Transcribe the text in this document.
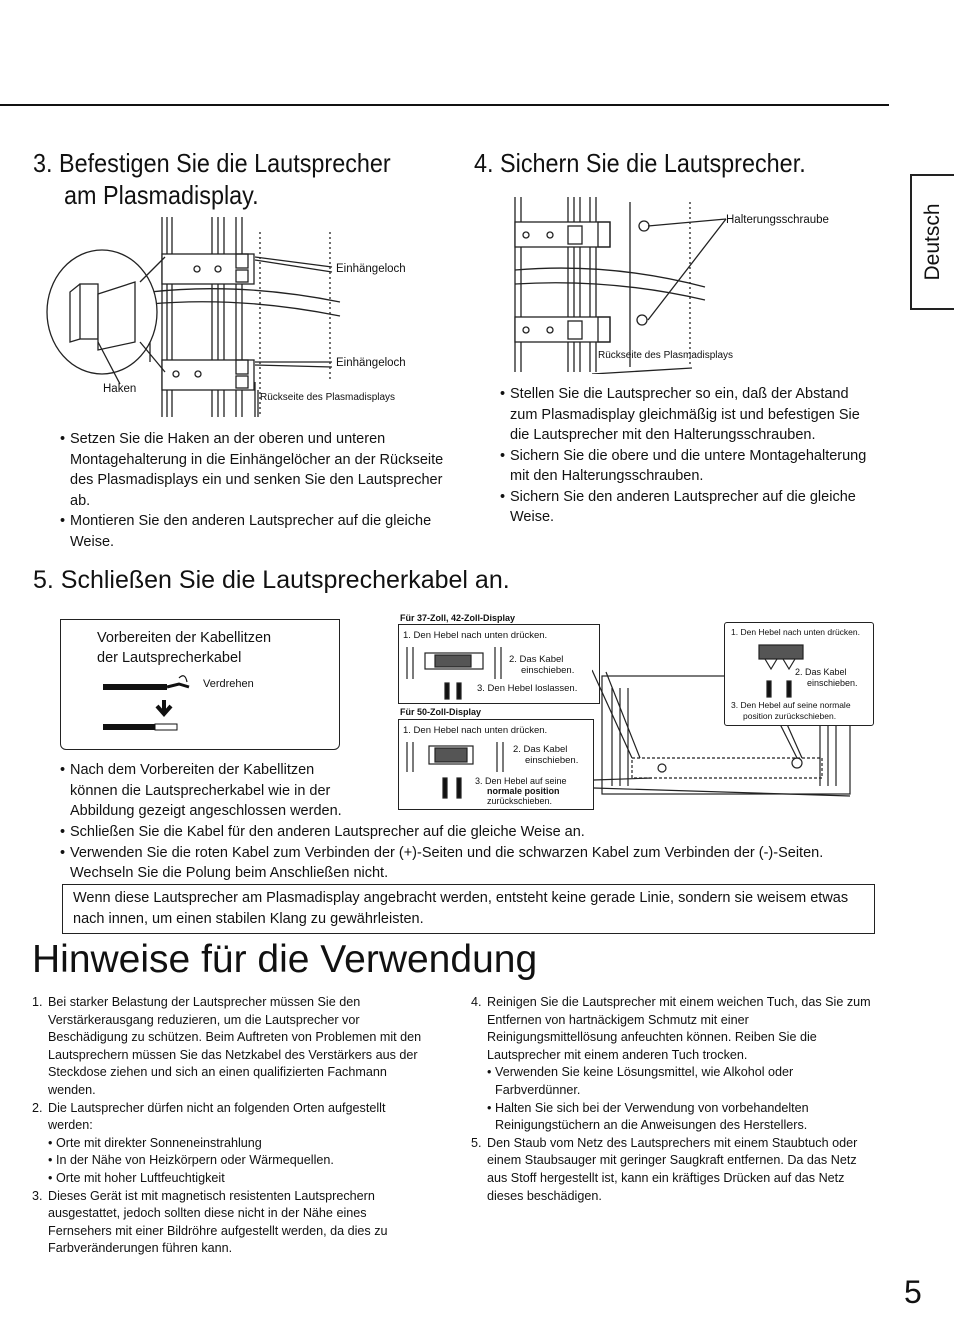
Deutsch
3. Befestigen Sie die Lautsprecher
am Plasmadisplay.
Einhängeloch
Einhängeloch
Haken
Rückseite des Plasmadisplays
• Setzen Sie die Haken an der oberen und unteren Montagehalterung in die Einhängelöcher an der Rückseite des Plasmadisplays ein und senken Sie den Lautsprecher ab.
• Montieren Sie den anderen Lautsprecher auf die gleiche Weise.
4. Sichern Sie die Lautsprecher.
Halterungsschraube
Rückseite des Plasmadisplays
• Stellen Sie die Lautsprecher so ein, daß der Abstand zum Plasmadisplay gleichmäßig ist und befestigen Sie die Lautsprecher mit den Halterungsschrauben.
• Sichern Sie die obere und die untere Montagehalterung mit den Halterungsschrauben.
• Sichern Sie den anderen Lautsprecher auf die gleiche Weise.
5. Schließen Sie die Lautsprecherkabel an.
Vorbereiten der Kabellitzen
der Lautsprecherkabel
Verdrehen
Für 37-Zoll, 42-Zoll-Display
1. Den Hebel nach unten drücken.
2. Das Kabel
einschieben.
3. Den Hebel loslassen.
Für 50-Zoll-Display
1. Den Hebel nach unten drücken.
2. Das Kabel
einschieben.
3. Den Hebel auf seine
normale position
zurückschieben.
1. Den Hebel nach unten drücken.
2. Das Kabel
einschieben.
3. Den Hebel auf seine normale
position zurückschieben.
• Nach dem Vorbereiten der Kabellitzen
können die Lautsprecherkabel wie in der
Abbildung gezeigt angeschlossen werden.
• Schließen Sie die Kabel für den anderen Lautsprecher auf die gleiche Weise an.
• Verwenden Sie die roten Kabel zum Verbinden der (+)-Seiten und die schwarzen Kabel zum Verbinden der (-)-Seiten. Wechseln Sie die Polung beim Anschließen nicht.
Wenn diese Lautsprecher am Plasmadisplay angebracht werden, entsteht keine gerade Linie, sondern sie weisem etwas nach innen, um einen stabilen Klang zu gewährleisten.
Hinweise für die Verwendung
1. Bei starker Belastung der Lautsprecher müssen Sie den Verstärkerausgang reduzieren, um die Lautsprecher vor Beschädigung zu schützen. Beim Auftreten von Problemen mit den Lautsprechern müssen Sie das Netzkabel des Verstärkers aus der Steckdose ziehen und sich an einen qualifizierten Fachmann wenden.
2. Die Lautsprecher dürfen nicht an folgenden Orten aufgestellt werden:
• Orte mit direkter Sonneneinstrahlung
• In der Nähe von Heizkörpern oder Wärmequellen.
• Orte mit hoher Luftfeuchtigkeit
3. Dieses Gerät ist mit magnetisch resistenten Lautsprechern ausgestattet, jedoch sollten diese nicht in der Nähe eines Fernsehers mit einer Bildröhre aufgestellt werden, da dies zu Farbveränderungen führen kann.
4. Reinigen Sie die Lautsprecher mit einem weichen Tuch, das Sie zum Entfernen von hartnäckigem Schmutz mit einer Reinigungsmittellösung anfeuchten können. Reiben Sie die Lautsprecher mit einem anderen Tuch trocken.
• Verwenden Sie keine Lösungsmittel, wie Alkohol oder Farbverdünner.
• Halten Sie sich bei der Verwendung von vorbehandelten Reinigungstüchern an die Anweisungen des Herstellers.
5. Den Staub vom Netz des Lautsprechers mit einem Staubtuch oder einem Staubsauger mit geringer Saugkraft entfernen. Da das Netz aus Stoff hergestellt ist, kann ein kräftiges Drücken auf das Netz dieses beschädigen.
5
